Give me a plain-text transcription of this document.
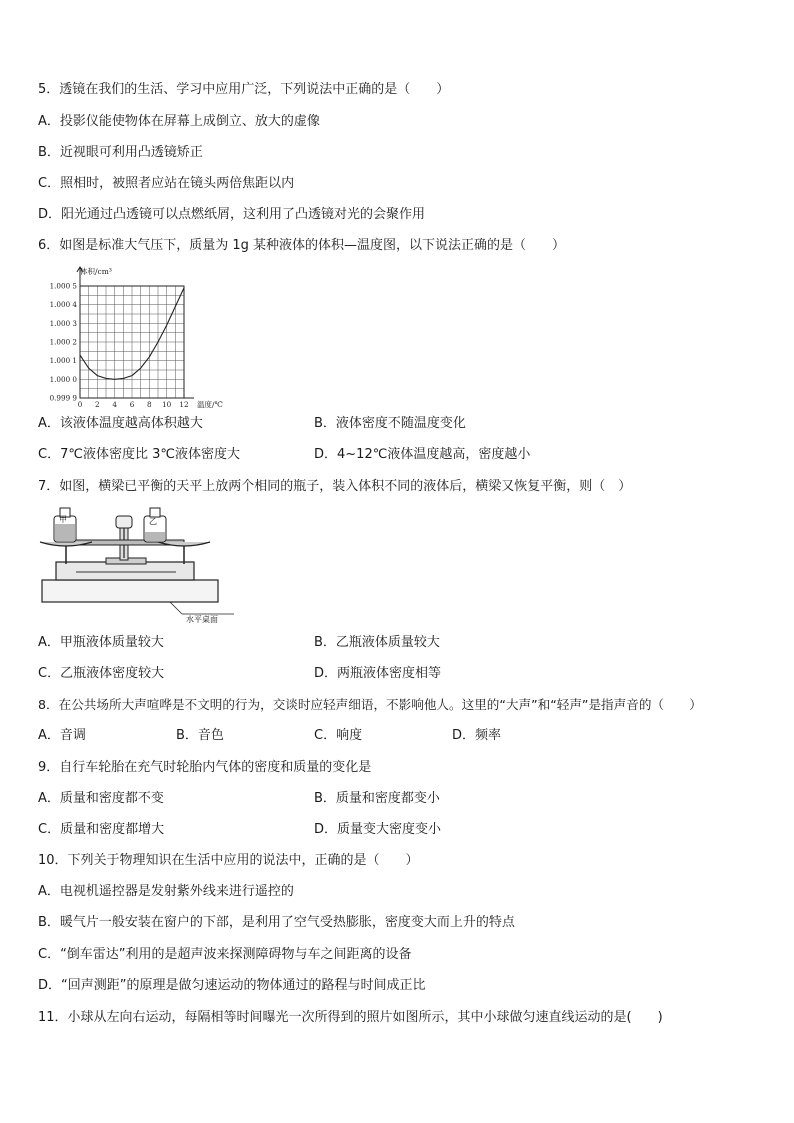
5．透镜在我们的生活、学习中应用广泛，下列说法中正确的是（　　）
A．投影仪能使物体在屏幕上成倒立、放大的虚像
B．近视眼可利用凸透镜矫正
C．照相时，被照者应站在镜头两倍焦距以内
D．阳光通过凸透镜可以点燃纸屑，这利用了凸透镜对光的会聚作用
6．如图是标准大气压下，质量为 1g 某种液体的体积—温度图，以下说法正确的是（　　）
0.999 9
1.000 0
1.000 1
1.000 2
1.000 3
1.000 4
1.000 5
0 2 4 6 8 10 12
体积/cm³
温度/℃
A．该液体温度越高体积越大	B．液体密度不随温度变化
C．7℃液体密度比 3℃液体密度大	D．4~12℃液体温度越高，密度越小
7．如图，横梁已平衡的天平上放两个相同的瓶子，装入体积不同的液体后，横梁又恢复平衡，则（　）
甲	乙
水平桌面
A．甲瓶液体质量较大	B．乙瓶液体质量较大
C．乙瓶液体密度较大	D．两瓶液体密度相等
8．在公共场所大声喧哗是不文明的行为，交谈时应轻声细语，不影响他人。这里的“大声”和“轻声”是指声音的（　　）
A．音调	B．音色	C．响度	D．频率
9．自行车轮胎在充气时轮胎内气体的密度和质量的变化是
A．质量和密度都不变	B．质量和密度都变小
C．质量和密度都增大	D．质量变大密度变小
10．下列关于物理知识在生活中应用的说法中，正确的是（　　）
A．电视机遥控器是发射紫外线来进行遥控的
B．暖气片一般安装在窗户的下部，是利用了空气受热膨胀，密度变大而上升的特点
C．“倒车雷达”利用的是超声波来探测障碍物与车之间距离的设备
D．“回声测距”的原理是做匀速运动的物体通过的路程与时间成正比
11．小球从左向右运动，每隔相等时间曝光一次所得到的照片如图所示，其中小球做匀速直线运动的是(　　)
